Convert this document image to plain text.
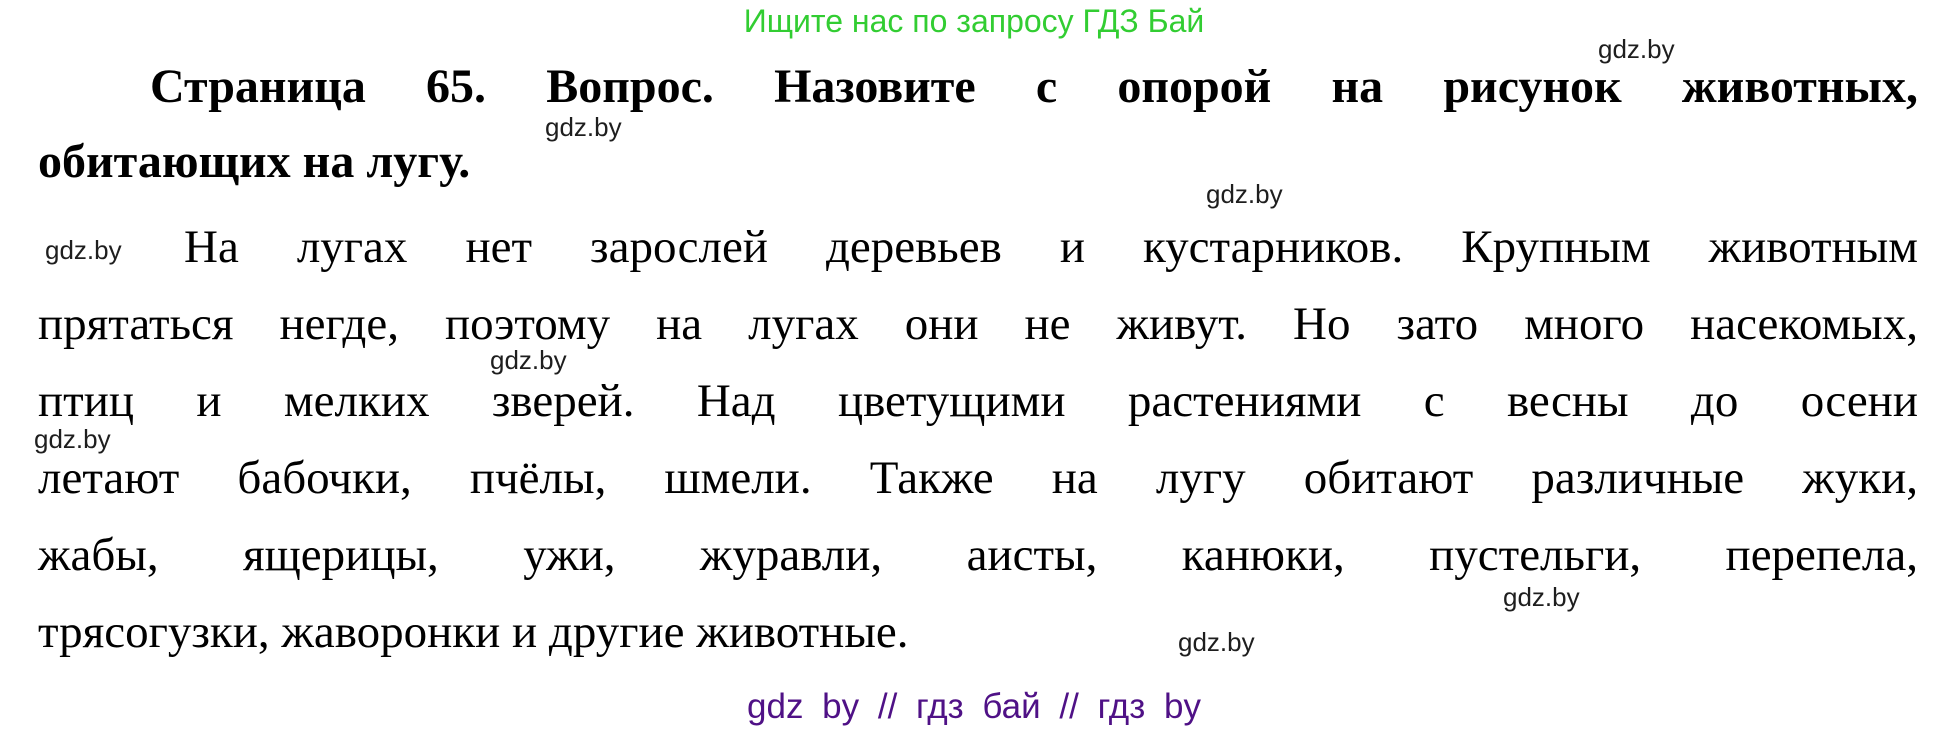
Ищите нас по запросу ГДЗ Бай
gdz.by
gdz.by
gdz.by
gdz.by
gdz.by
gdz.by
gdz.by
gdz.by
Страница 65. Вопрос. Назовите с опорой на рисунок животных,
обитающих на лугу.
На лугах нет зарослей деревьев и кустарников. Крупным животным
прятаться негде, поэтому на лугах они не живут. Но зато много насекомых,
птиц и мелких зверей. Над цветущими растениями с весны до осени
летают бабочки, пчёлы, шмели. Также на лугу обитают различные жуки,
жабы, ящерицы, ужи, журавли, аисты, канюки, пустельги, перепела,
трясогузки, жаворонки и другие животные.
gdz by // гдз бай // гдз by
